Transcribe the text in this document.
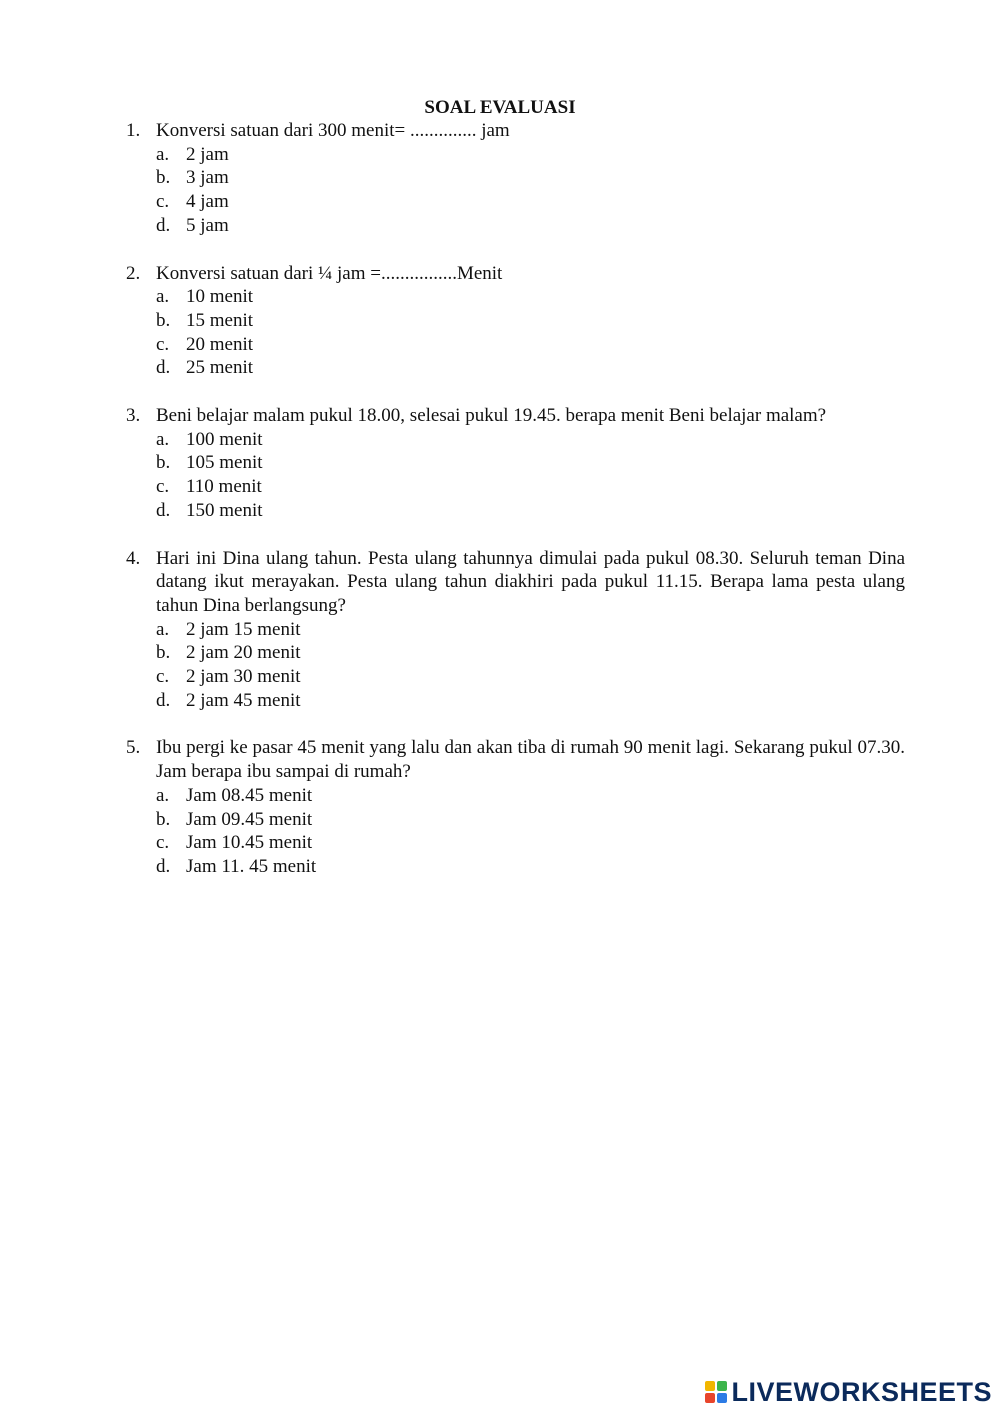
SOAL EVALUASI
1. Konversi satuan dari 300 menit= .............. jam
a. 2 jam
b. 3 jam
c. 4 jam
d. 5 jam
2. Konversi satuan dari ¼ jam =................Menit
a. 10 menit
b. 15 menit
c. 20 menit
d. 25 menit
3. Beni belajar malam pukul 18.00, selesai pukul 19.45. berapa menit Beni belajar malam?
a. 100 menit
b. 105 menit
c. 110 menit
d. 150 menit
4. Hari ini Dina ulang tahun. Pesta ulang tahunnya dimulai pada pukul 08.30. Seluruh teman Dina datang ikut merayakan. Pesta ulang tahun diakhiri pada pukul 11.15. Berapa lama pesta ulang tahun Dina berlangsung?
a. 2 jam 15 menit
b. 2 jam 20 menit
c. 2 jam 30 menit
d. 2 jam 45 menit
5. Ibu pergi ke pasar 45 menit yang lalu dan akan tiba di rumah 90 menit lagi. Sekarang pukul 07.30. Jam berapa ibu sampai di rumah?
a. Jam 08.45 menit
b. Jam 09.45 menit
c. Jam 10.45 menit
d. Jam 11. 45 menit
LIVEWORKSHEETS
